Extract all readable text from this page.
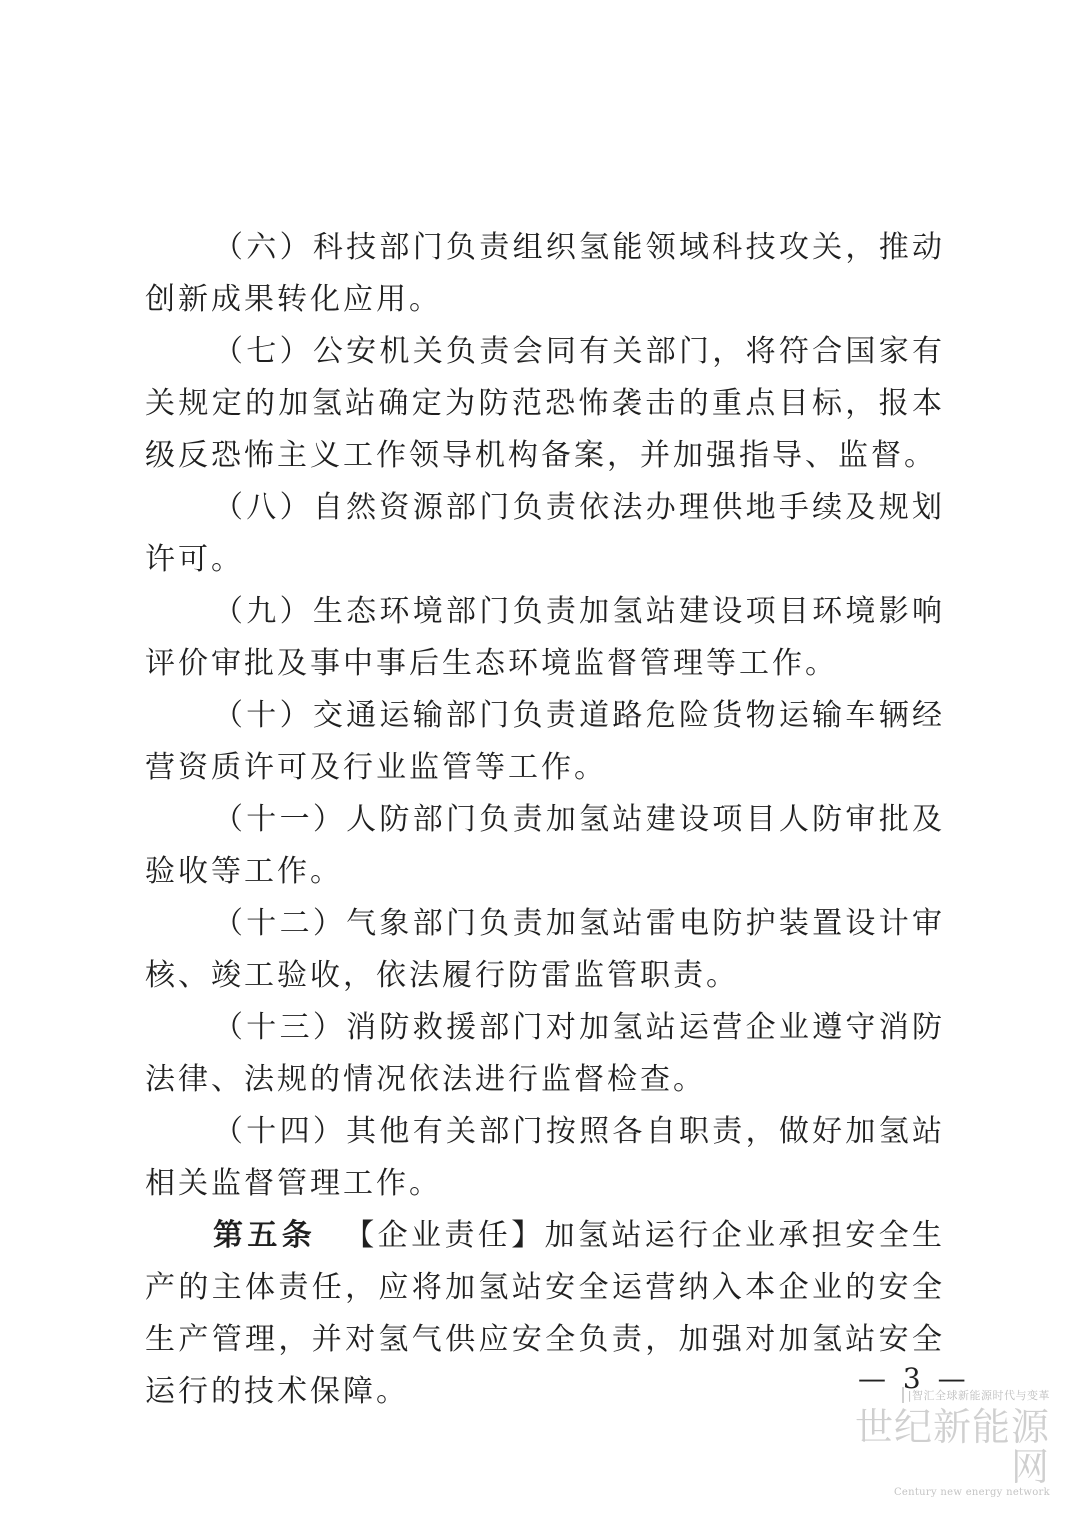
（六）科技部门负责组织氢能领域科技攻关，推动创新成果转化应用。

（七）公安机关负责会同有关部门，将符合国家有关规定的加氢站确定为防范恐怖袭击的重点目标，报本级反恐怖主义工作领导机构备案，并加强指导、监督。

（八）自然资源部门负责依法办理供地手续及规划许可。

（九）生态环境部门负责加氢站建设项目环境影响评价审批及事中事后生态环境监督管理等工作。

（十）交通运输部门负责道路危险货物运输车辆经营资质许可及行业监管等工作。

（十一）人防部门负责加氢站建设项目人防审批及验收等工作。

（十二）气象部门负责加氢站雷电防护装置设计审核、竣工验收，依法履行防雷监管职责。

（十三）消防救援部门对加氢站运营企业遵守消防法律、法规的情况依法进行监督检查。

（十四）其他有关部门按照各自职责，做好加氢站相关监督管理工作。

第五条 【企业责任】加氢站运行企业承担安全生产的主体责任，应将加氢站安全运营纳入本企业的安全生产管理，并对氢气供应安全负责，加强对加氢站安全运行的技术保障。	— 3 —
|智汇全球新能源时代与变革
世纪新能源网
Century new energy network
